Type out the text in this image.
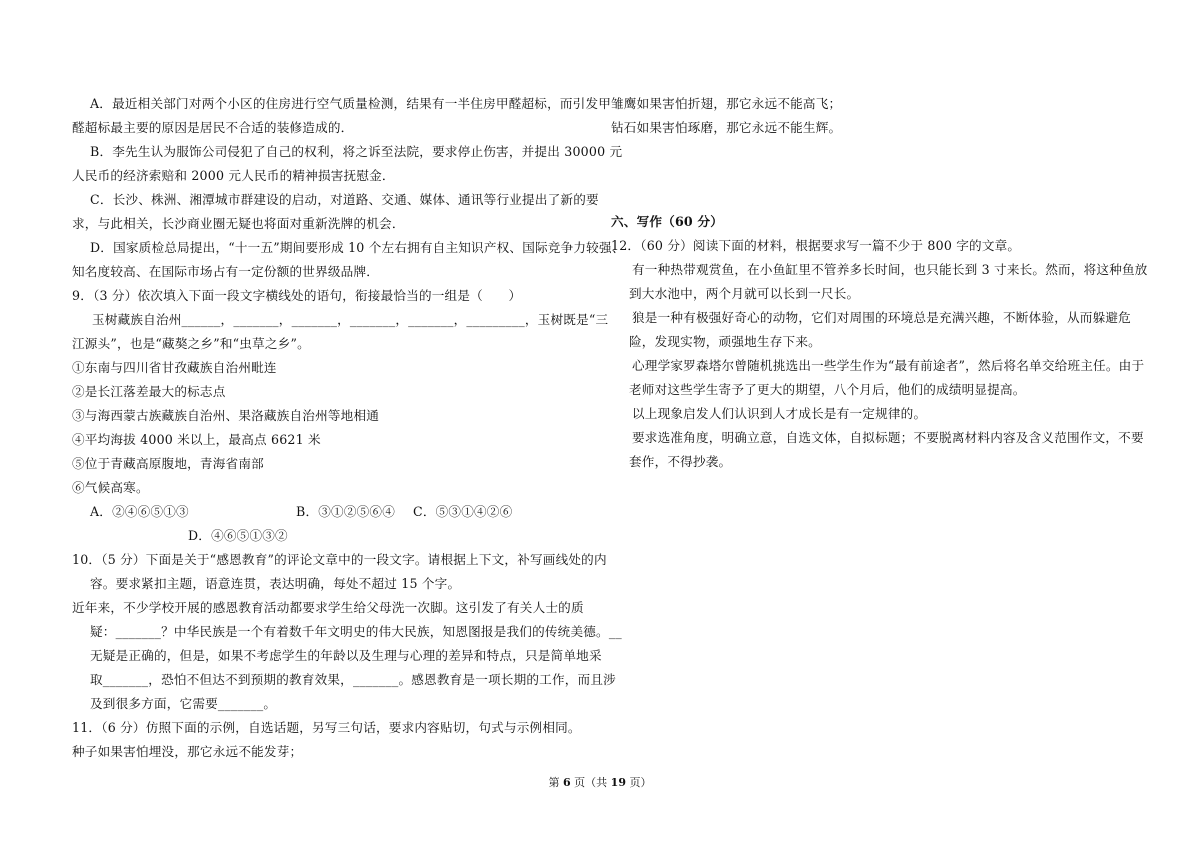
A．最近相关部门对两个小区的住房进行空气质量检测，结果有一半住房甲醛超标，而引发甲
醛超标最主要的原因是居民不合适的装修造成的．
B．李先生认为服饰公司侵犯了自己的权利，将之诉至法院，要求停止伤害，并提出 30000 元
人民币的经济索赔和 2000 元人民币的精神损害抚慰金．
C．长沙、株洲、湘潭城市群建设的启动，对道路、交通、媒体、通讯等行业提出了新的要
求，与此相关，长沙商业圈无疑也将面对重新洗牌的机会．
D．国家质检总局提出，“十一五”期间要形成 10 个左右拥有自主知识产权、国际竞争力较强、
知名度较高、在国际市场占有一定份额的世界级品牌．
9．（3 分）依次填入下面一段文字横线处的语句，衔接最恰当的一组是（　　）
玉树藏族自治州______，_______，_______，_______，_______，_________，玉树既是“三
江源头”，也是“藏獒之乡”和“虫草之乡”。
①东南与四川省甘孜藏族自治州毗连
②是长江落差最大的标志点
③与海西蒙古族藏族自治州、果洛藏族自治州等地相通
④平均海拔 4000 米以上，最高点 6621 米
⑤位于青藏高原腹地，青海省南部
⑥气候高寒。
A．②④⑥⑤①③	B．③①②⑤⑥④ C．⑤③①④②⑥
D．④⑥⑤①③②
10．（5 分）下面是关于“感恩教育”的评论文章中的一段文字。请根据上下文，补写画线处的内
容。要求紧扣主题，语意连贯，表达明确，每处不超过 15 个字。
近年来，不少学校开展的感恩教育活动都要求学生给父母洗一次脚。这引发了有关人士的质
疑：_______？中华民族是一个有着数千年文明史的伟大民族，知恩图报是我们的传统美德。__
无疑是正确的，但是，如果不考虑学生的年龄以及生理与心理的差异和特点，只是简单地采
取_______，恐怕不但达不到预期的教育效果，_______。感恩教育是一项长期的工作，而且涉
及到很多方面，它需要_______。
11．（6 分）仿照下面的示例，自选话题，另写三句话，要求内容贴切，句式与示例相同。
种子如果害怕埋没，那它永远不能发芽；
雏鹰如果害怕折翅，那它永远不能高飞；
钻石如果害怕琢磨，那它永远不能生辉。
六、写作（60 分）
12．（60 分）阅读下面的材料，根据要求写一篇不少于 800 字的文章。
有一种热带观赏鱼，在小鱼缸里不管养多长时间，也只能长到 3 寸来长。然而，将这种鱼放
到大水池中，两个月就可以长到一尺长。
狼是一种有极强好奇心的动物，它们对周围的环境总是充满兴趣，不断体验，从而躲避危
险，发现实物，顽强地生存下来。
心理学家罗森塔尔曾随机挑选出一些学生作为“最有前途者”，然后将名单交给班主任。由于
老师对这些学生寄予了更大的期望，八个月后，他们的成绩明显提高。
以上现象启发人们认识到人才成长是有一定规律的。
要求选准角度，明确立意，自选文体，自拟标题；不要脱离材料内容及含义范围作文，不要
套作，不得抄袭。
第 6 页（共 19 页）
